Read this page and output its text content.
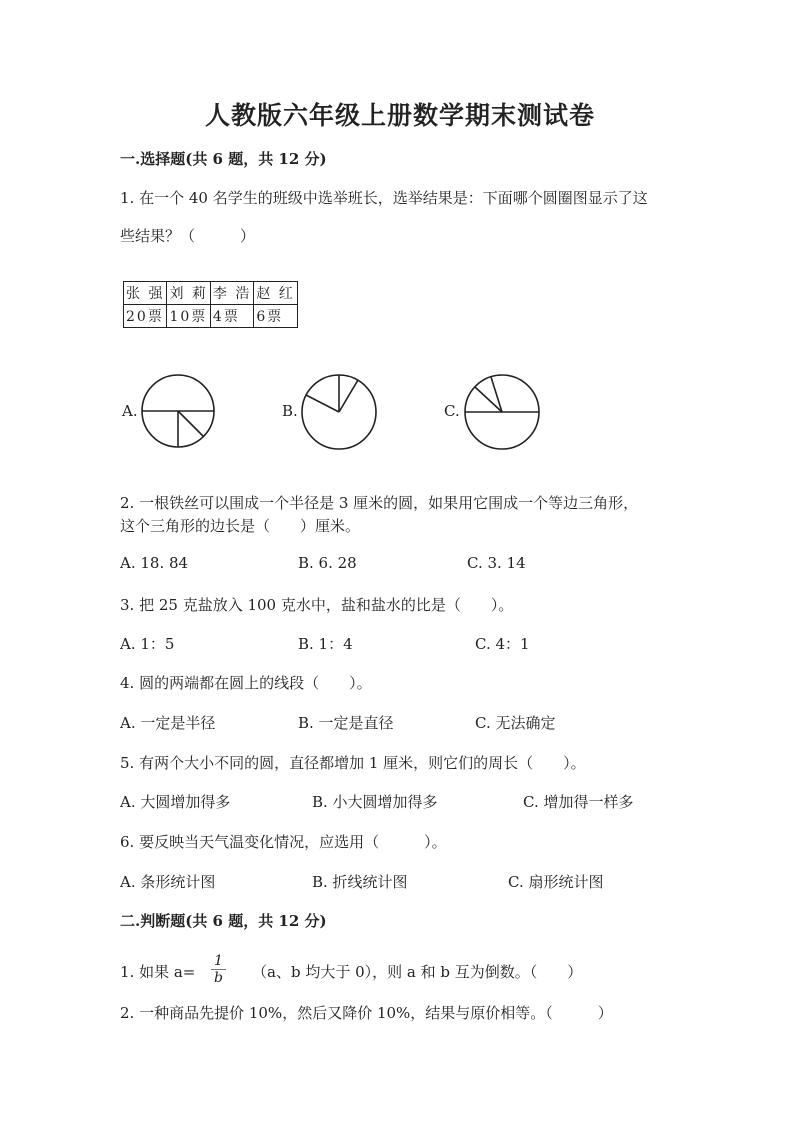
人教版六年级上册数学期末测试卷
一.选择题(共 6 题，共 12 分)
1. 在一个 40 名学生的班级中选举班长，选举结果是：下面哪个圆圈图显示了这
些结果？（　　　）
张 强	刘 莉	李 浩	赵 红
20票	10票	4票	6票
A.	B.	C.
2. 一根铁丝可以围成一个半径是 3 厘米的圆，如果用它围成一个等边三角形，
这个三角形的边长是（　　）厘米。
A. 18. 84	B. 6. 28	C. 3. 14
3. 把 25 克盐放入 100 克水中，盐和盐水的比是（　　）。
A. 1：5	B. 1：4	C. 4：1
4. 圆的两端都在圆上的线段（　　）。
A. 一定是半径	B. 一定是直径	C. 无法确定
5. 有两个大小不同的圆，直径都增加 1 厘米，则它们的周长（　　）。
A. 大圆增加得多	B. 小大圆增加得多	C. 增加得一样多
6. 要反映当天气温变化情况，应选用（　　　）。
A. 条形统计图	B. 折线统计图	C. 扇形统计图
二.判断题(共 6 题，共 12 分)
1. 如果 $a= \frac{1}{b} (a$、b 均大于 0），则 a 和 b 互为倒数。（　　）
2. 一种商品先提价 10%，然后又降价 10%，结果与原价相等。（　　　）
